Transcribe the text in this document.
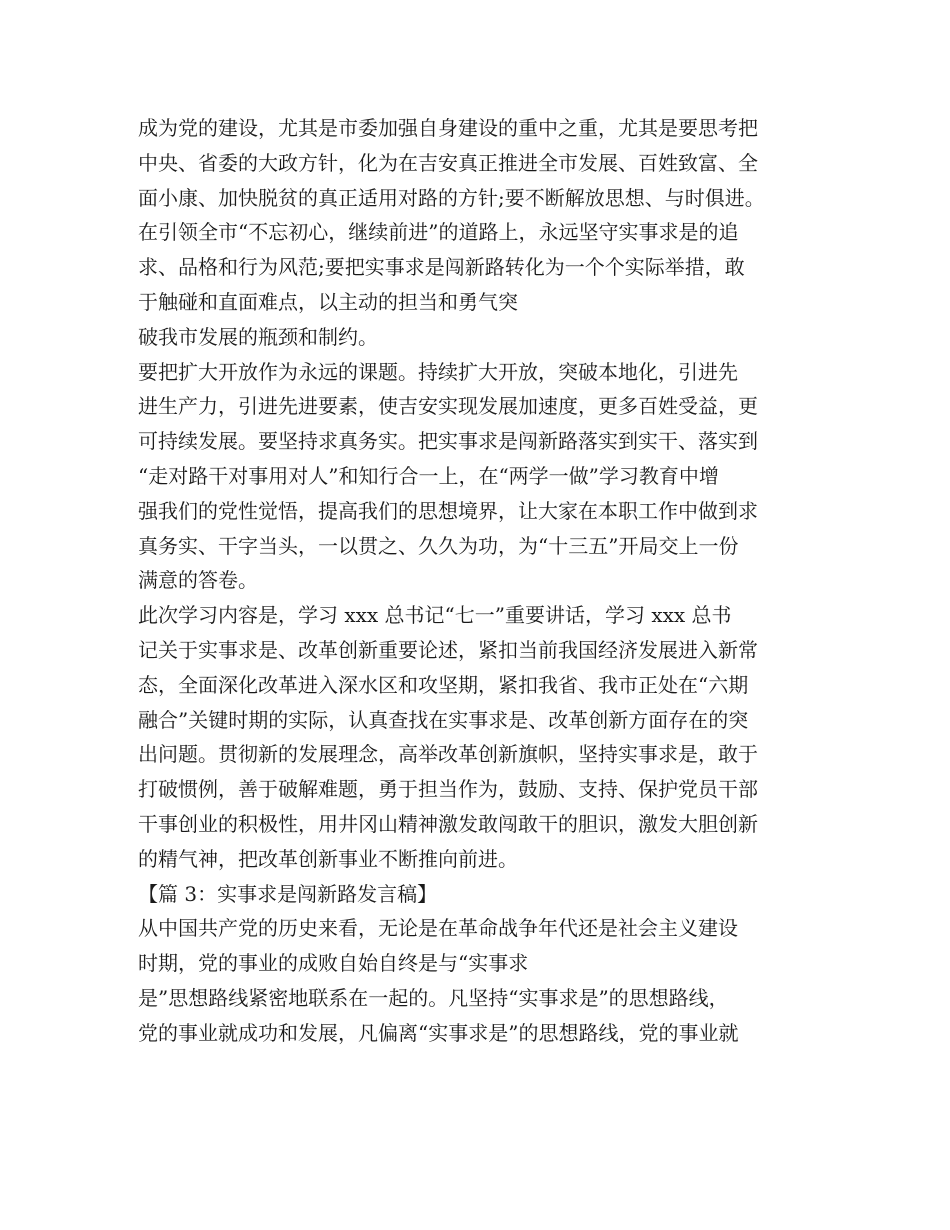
成为党的建设，尤其是市委加强自身建设的重中之重，尤其是要思考把
中央、省委的大政方针，化为在吉安真正推进全市发展、百姓致富、全
面小康、加快脱贫的真正适用对路的方针;要不断解放思想、与时俱进。
在引领全市“不忘初心，继续前进”的道路上，永远坚守实事求是的追
求、品格和行为风范;要把实事求是闯新路转化为一个个实际举措，敢
于触碰和直面难点，以主动的担当和勇气突
破我市发展的瓶颈和制约。
要把扩大开放作为永远的课题。持续扩大开放，突破本地化，引进先
进生产力，引进先进要素，使吉安实现发展加速度，更多百姓受益，更
可持续发展。要坚持求真务实。把实事求是闯新路落实到实干、落实到
“走对路干对事用对人”和知行合一上，在“两学一做”学习教育中增
强我们的党性觉悟，提高我们的思想境界，让大家在本职工作中做到求
真务实、干字当头，一以贯之、久久为功，为“十三五”开局交上一份
满意的答卷。
此次学习内容是，学习 xxx 总书记“七一”重要讲话，学习 xxx 总书
记关于实事求是、改革创新重要论述，紧扣当前我国经济发展进入新常
态，全面深化改革进入深水区和攻坚期，紧扣我省、我市正处在“六期
融合”关键时期的实际，认真查找在实事求是、改革创新方面存在的突
出问题。贯彻新的发展理念，高举改革创新旗帜，坚持实事求是，敢于
打破惯例，善于破解难题，勇于担当作为，鼓励、支持、保护党员干部
干事创业的积极性，用井冈山精神激发敢闯敢干的胆识，激发大胆创新
的精气神，把改革创新事业不断推向前进。
【篇 3：实事求是闯新路发言稿】
从中国共产党的历史来看，无论是在革命战争年代还是社会主义建设
时期，党的事业的成败自始自终是与“实事求
是”思想路线紧密地联系在一起的。凡坚持“实事求是”的思想路线，
党的事业就成功和发展，凡偏离“实事求是”的思想路线，党的事业就
